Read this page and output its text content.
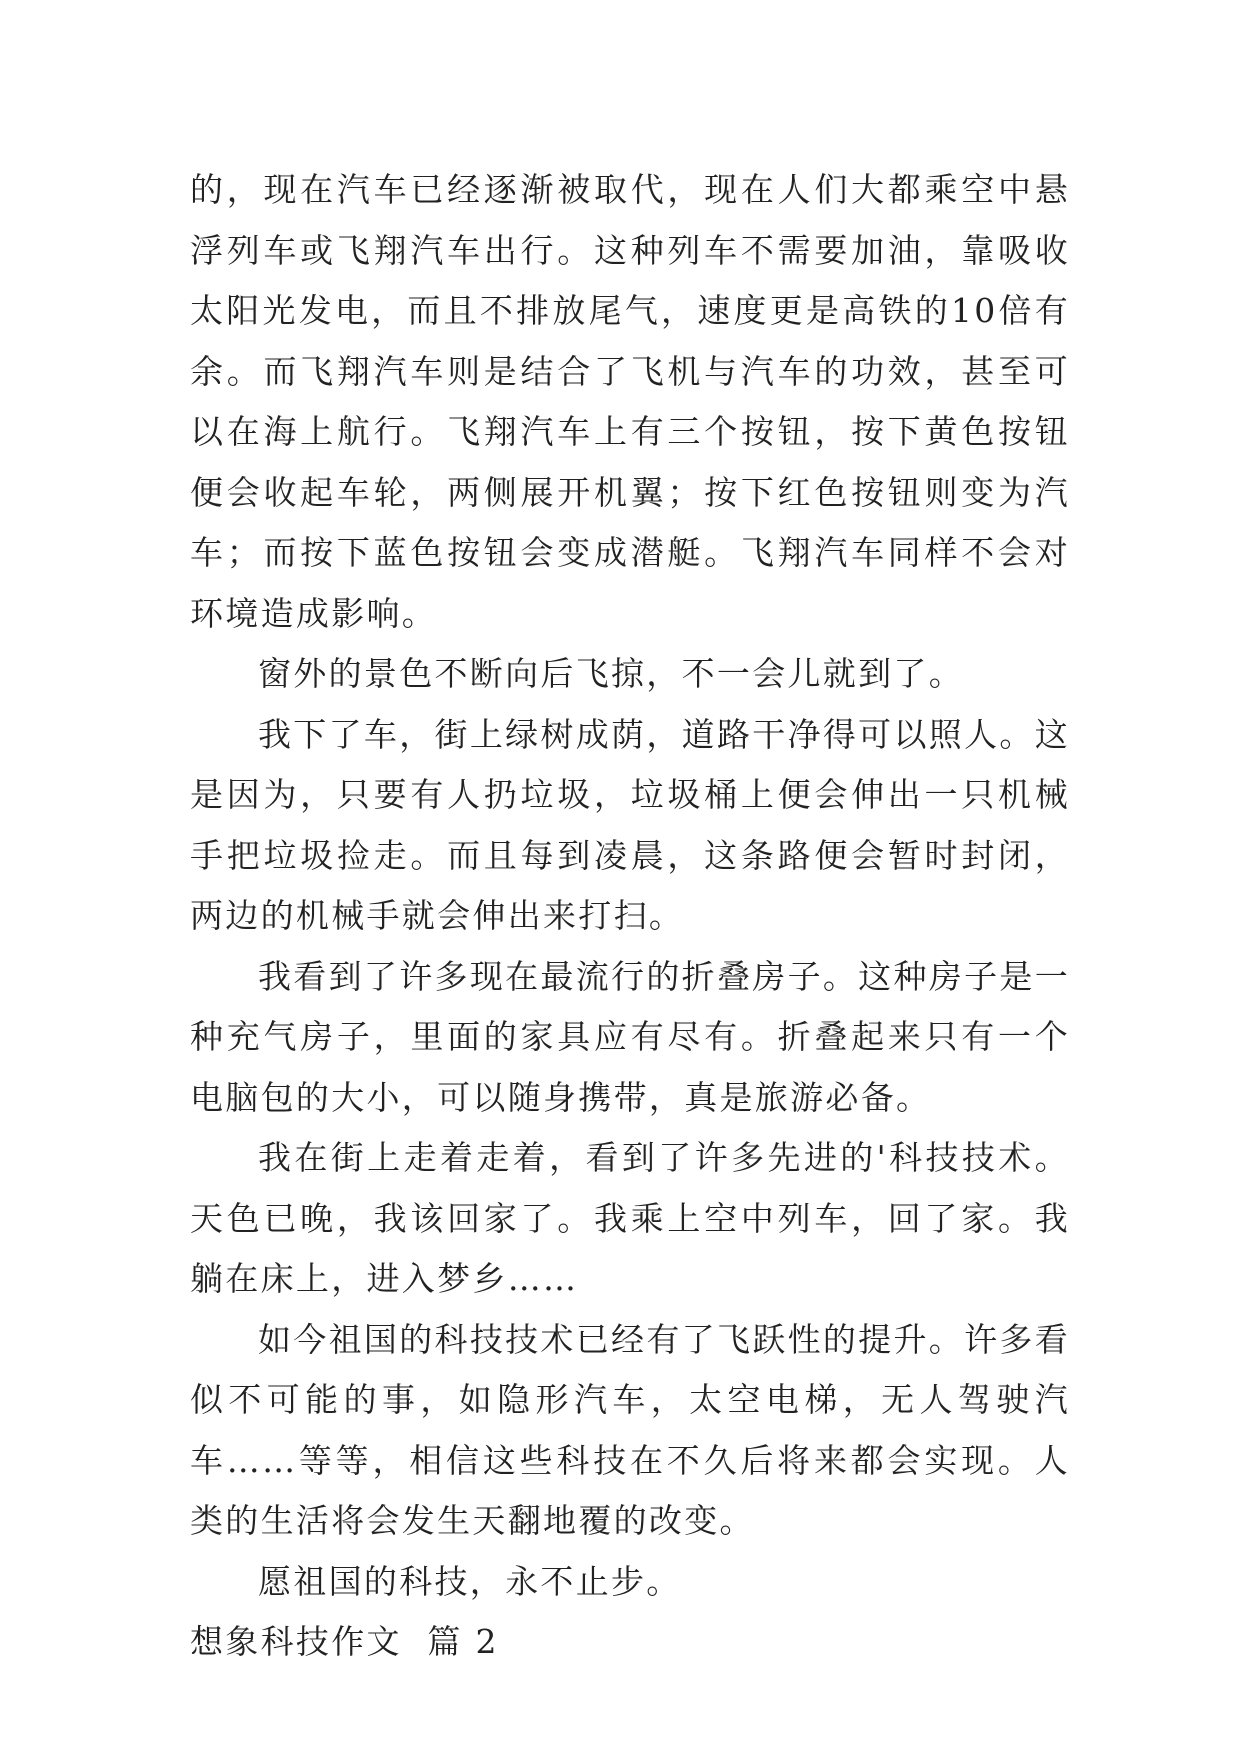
的，现在汽车已经逐渐被取代，现在人们大都乘空中悬浮列车或飞翔汽车出行。这种列车不需要加油，靠吸收太阳光发电，而且不排放尾气，速度更是高铁的10倍有余。而飞翔汽车则是结合了飞机与汽车的功效，甚至可以在海上航行。飞翔汽车上有三个按钮，按下黄色按钮便会收起车轮，两侧展开机翼；按下红色按钮则变为汽车；而按下蓝色按钮会变成潜艇。飞翔汽车同样不会对环境造成影响。

窗外的景色不断向后飞掠，不一会儿就到了。

我下了车，街上绿树成荫，道路干净得可以照人。这是因为，只要有人扔垃圾，垃圾桶上便会伸出一只机械手把垃圾捡走。而且每到凌晨，这条路便会暂时封闭，两边的机械手就会伸出来打扫。

我看到了许多现在最流行的折叠房子。这种房子是一种充气房子，里面的家具应有尽有。折叠起来只有一个电脑包的大小，可以随身携带，真是旅游必备。

我在街上走着走着，看到了许多先进的'科技技术。天色已晚，我该回家了。我乘上空中列车，回了家。我躺在床上，进入梦乡……

如今祖国的科技技术已经有了飞跃性的提升。许多看似不可能的事，如隐形汽车，太空电梯，无人驾驶汽车……等等，相信这些科技在不久后将来都会实现。人类的生活将会发生天翻地覆的改变。

愿祖国的科技，永不止步。

想象科技作文  篇 2
